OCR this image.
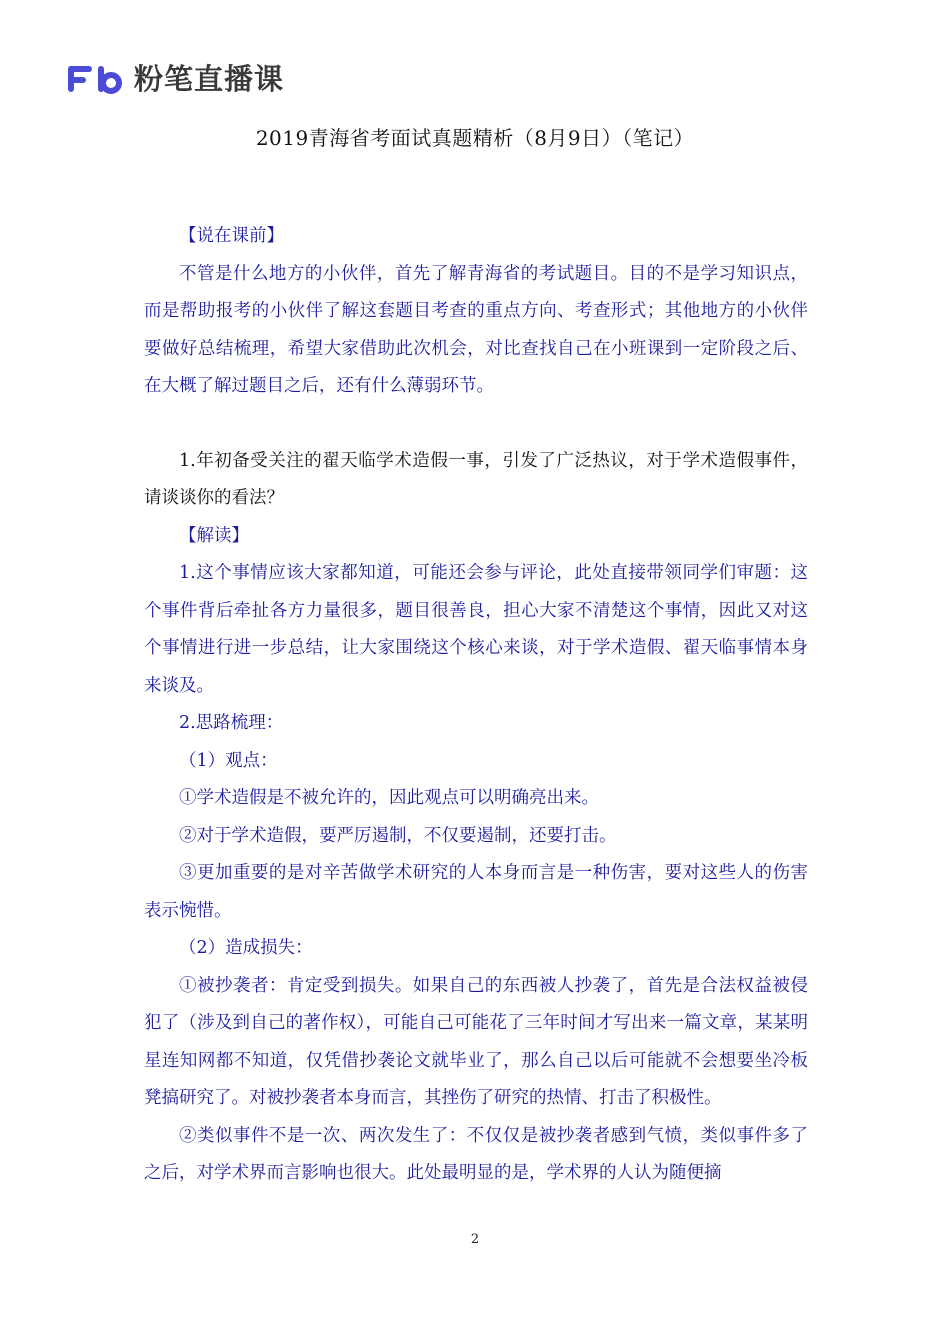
粉笔直播课
2019青海省考面试真题精析（8月9日）（笔记）

【说在课前】

不管是什么地方的小伙伴，首先了解青海省的考试题目。目的不是学习知识点，而是帮助报考的小伙伴了解这套题目考查的重点方向、考查形式；其他地方的小伙伴要做好总结梳理，希望大家借助此次机会，对比查找自己在小班课到一定阶段之后、在大概了解过题目之后，还有什么薄弱环节。

1.年初备受关注的翟天临学术造假一事，引发了广泛热议，对于学术造假事件，请谈谈你的看法？

【解读】

1.这个事情应该大家都知道，可能还会参与评论，此处直接带领同学们审题：这个事件背后牵扯各方力量很多，题目很善良，担心大家不清楚这个事情，因此又对这个事情进行进一步总结，让大家围绕这个核心来谈，对于学术造假、翟天临事情本身来谈及。

2.思路梳理：

（1）观点：

①学术造假是不被允许的，因此观点可以明确亮出来。

②对于学术造假，要严厉遏制，不仅要遏制，还要打击。

③更加重要的是对辛苦做学术研究的人本身而言是一种伤害，要对这些人的伤害表示惋惜。

（2）造成损失：

①被抄袭者：肯定受到损失。如果自己的东西被人抄袭了，首先是合法权益被侵犯了（涉及到自己的著作权），可能自己可能花了三年时间才写出来一篇文章，某某明星连知网都不知道，仅凭借抄袭论文就毕业了，那么自己以后可能就不会想要坐冷板凳搞研究了。对被抄袭者本身而言，其挫伤了研究的热情、打击了积极性。

②类似事件不是一次、两次发生了：不仅仅是被抄袭者感到气愤，类似事件多了之后，对学术界而言影响也很大。此处最明显的是，学术界的人认为随便摘

2
